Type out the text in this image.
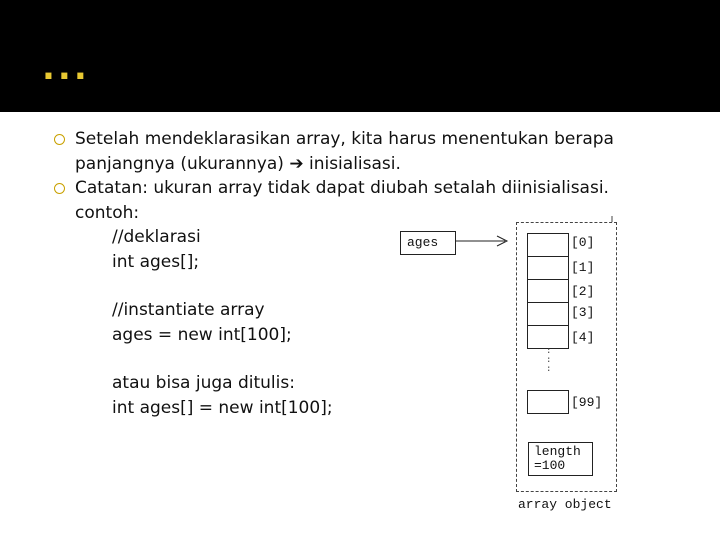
...
Setelah mendeklarasikan array, kita harus menentukan berapa
panjangnya (ukurannya) ➔ inisialisasi.
Catatan: ukuran array tidak dapat diubah setalah diinisialisasi.
contoh:
//deklarasi
int ages[];
//instantiate array
ages = new int[100];
atau bisa juga ditulis:
int ages[] = new int[100];
ages	[0]
[1]
[2]
[3]
[4]
[99]
:
:
:
length
=100
array object
